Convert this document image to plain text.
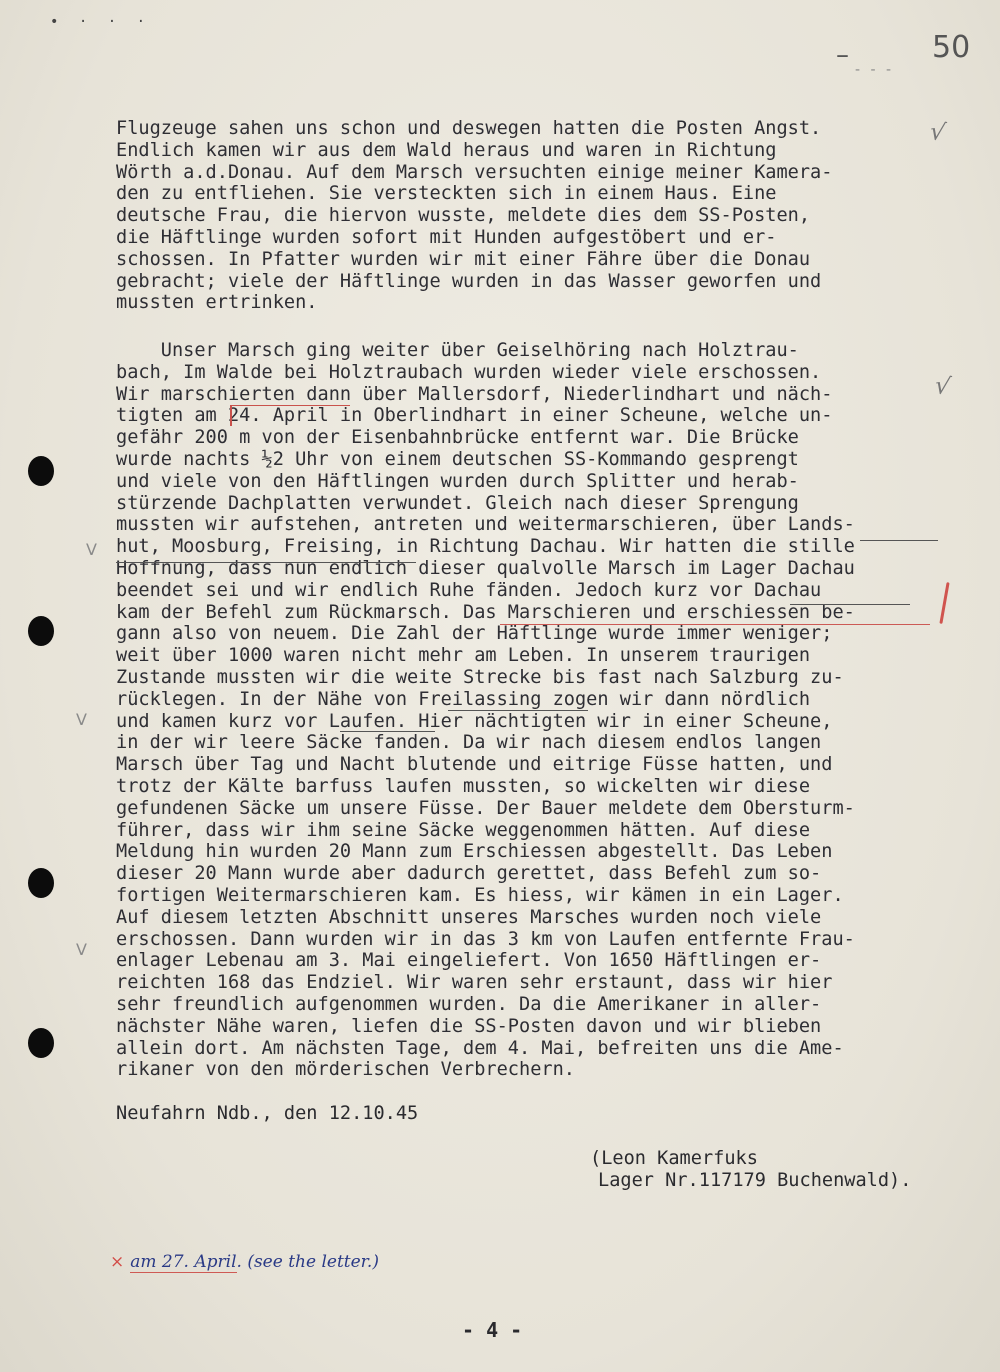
• · · ·
– - - -
50
Flugzeuge sahen uns schon und deswegen hatten die Posten Angst.
Endlich kamen wir aus dem Wald heraus und waren in Richtung
Wörth a.d.Donau. Auf dem Marsch versuchten einige meiner Kamera-
den zu entfliehen. Sie versteckten sich in einem Haus. Eine
deutsche Frau, die hiervon wusste, meldete dies dem SS-Posten,
die Häftlinge wurden sofort mit Hunden aufgestöbert und er-
schossen. In Pfatter wurden wir mit einer Fähre über die Donau
gebracht; viele der Häftlinge wurden in das Wasser geworfen und
mussten ertrinken.
Unser Marsch ging weiter über Geiselhöring nach Holztrau-
bach, Im Walde bei Holztraubach wurden wieder viele erschossen.
Wir marschierten dann über Mallersdorf, Niederlindhart und näch-
tigten am 24. April in Oberlindhart in einer Scheune, welche un-
gefähr 200 m von der Eisenbahnbrücke entfernt war. Die Brücke
wurde nachts ½2 Uhr von einem deutschen SS-Kommando gesprengt
und viele von den Häftlingen wurden durch Splitter und herab-
stürzende Dachplatten verwundet. Gleich nach dieser Sprengung
mussten wir aufstehen, antreten und weitermarschieren, über Lands-
hut, Moosburg, Freising, in Richtung Dachau. Wir hatten die stille
Hoffnung, dass nun endlich dieser qualvolle Marsch im Lager Dachau
beendet sei und wir endlich Ruhe fänden. Jedoch kurz vor Dachau
kam der Befehl zum Rückmarsch. Das Marschieren und erschiessen be-
gann also von neuem. Die Zahl der Häftlinge wurde immer weniger;
weit über 1000 waren nicht mehr am Leben. In unserem traurigen
Zustande mussten wir die weite Strecke bis fast nach Salzburg zu-
rücklegen. In der Nähe von Freilassing zogen wir dann nördlich
und kamen kurz vor Laufen. Hier nächtigten wir in einer Scheune,
in der wir leere Säcke fanden. Da wir nach diesem endlos langen
Marsch über Tag und Nacht blutende und eitrige Füsse hatten, und
trotz der Kälte barfuss laufen mussten, so wickelten wir diese
gefundenen Säcke um unsere Füsse. Der Bauer meldete dem Obersturm-
führer, dass wir ihm seine Säcke weggenommen hätten. Auf diese
Meldung hin wurden 20 Mann zum Erschiessen abgestellt. Das Leben
dieser 20 Mann wurde aber dadurch gerettet, dass Befehl zum so-
fortigen Weitermarschieren kam. Es hiess, wir kämen in ein Lager.
Auf diesem letzten Abschnitt unseres Marsches wurden noch viele
erschossen. Dann wurden wir in das 3 km von Laufen entfernte Frau-
enlager Lebenau am 3. Mai eingeliefert. Von 1650 Häftlingen er-
reichten 168 das Endziel. Wir waren sehr erstaunt, dass wir hier
sehr freundlich aufgenommen wurden. Da die Amerikaner in aller-
nächster Nähe waren, liefen die SS-Posten davon und wir blieben
allein dort. Am nächsten Tage, dem 4. Mai, befreiten uns die Ame-
rikaner von den mörderischen Verbrechern.
√
√
V
V
V
Neufahrn Ndb., den 12.10.45
(Leon Kamerfuks
Lager Nr.117179 Buchenwald).
× am 27. April. (see the letter.)
- 4 -
